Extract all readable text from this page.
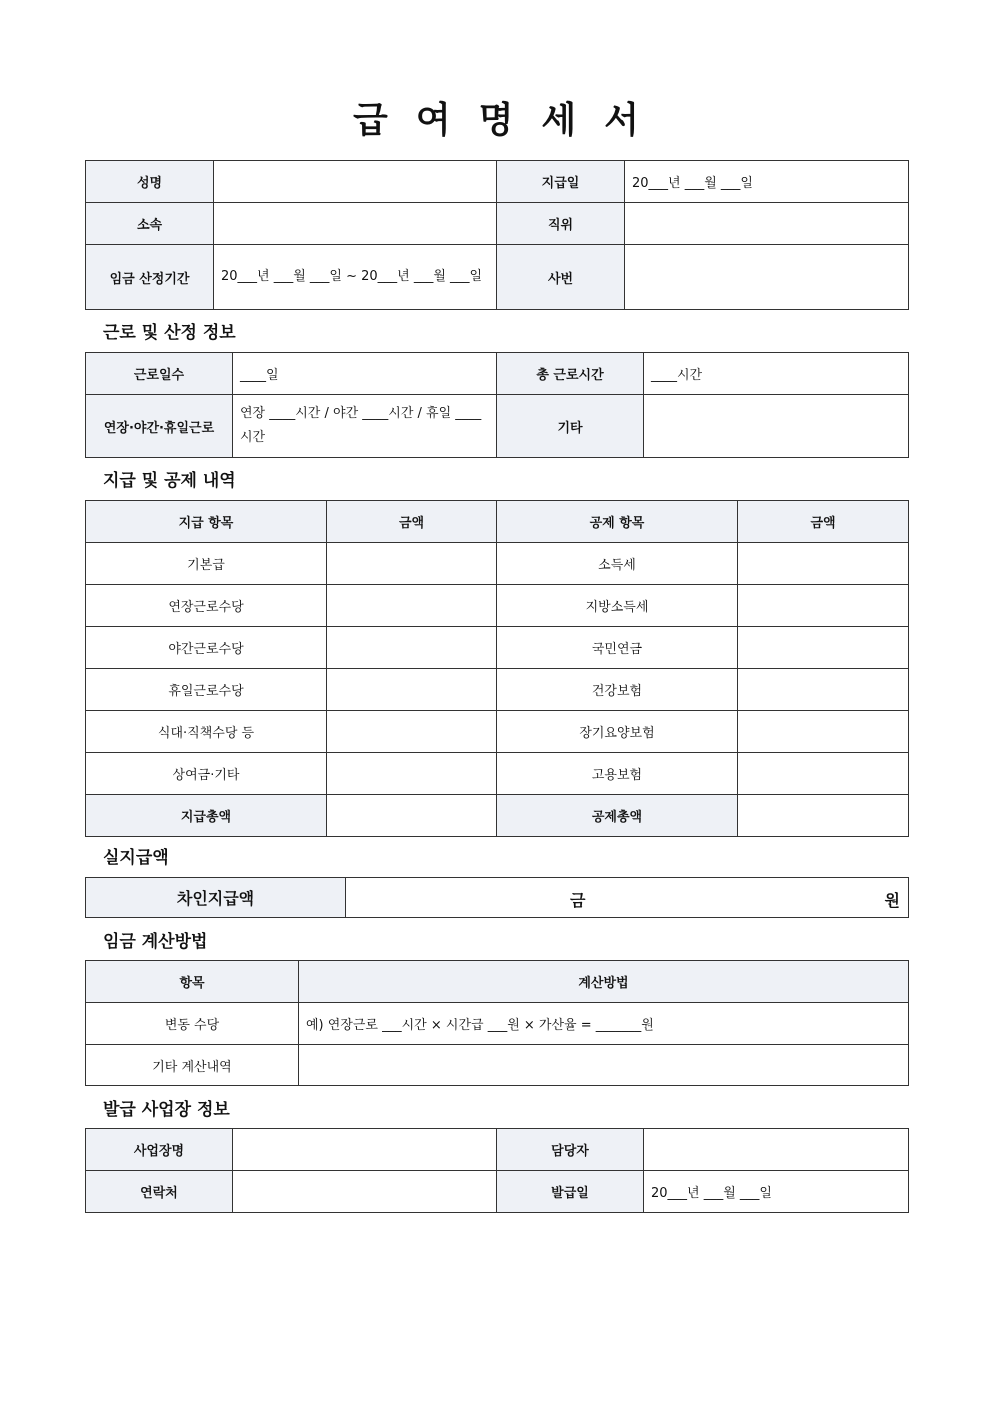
급 여 명 세 서
성명		지급일	20___년 ___월 ___일
소속		직위	
임금 산정기간	20___년 ___월 ___일 ~ 20___년 ___월 ___일	사번	
근로 및 산정 정보
근로일수	____일	총 근로시간	____시간
연장·야간·휴일근로	연장 ____시간 / 야간 ____시간 / 휴일 ____시간	기타	
지급 및 공제 내역
지급 항목	금액	공제 항목	금액
기본급		소득세	
연장근로수당		지방소득세	
야간근로수당		국민연금	
휴일근로수당		건강보험	
식대·직책수당 등		장기요양보험	
상여금·기타		고용보험	
지급총액		공제총액	
실지급액
차인지급액	금	원
임금 계산방법
항목	계산방법
변동 수당	예) 연장근로 ___시간 × 시간급 ___원 × 가산율 = _______원
기타 계산내역	
발급 사업장 정보
사업장명		담당자	
연락처		발급일	20___년 ___월 ___일
